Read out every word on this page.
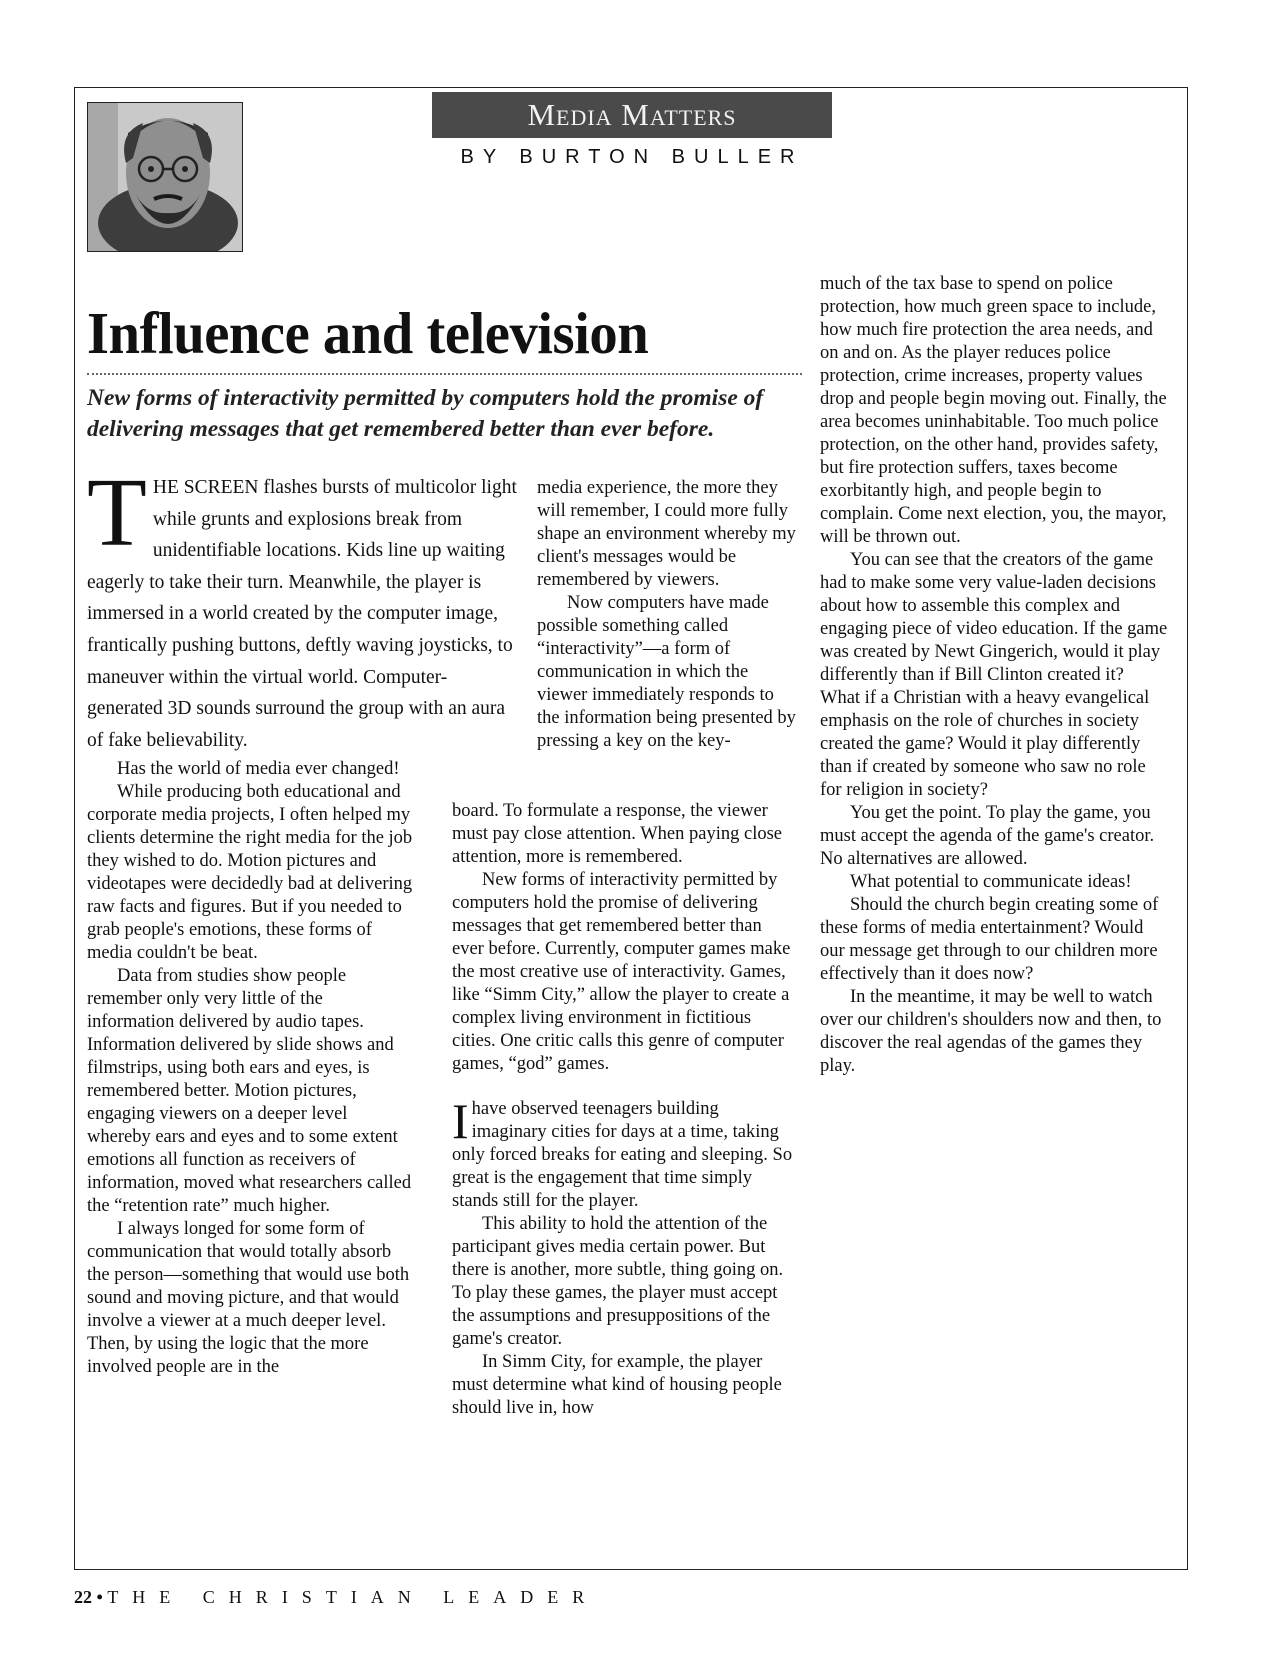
Media Matters
BY BURTON BULLER
Influence and television

New forms of interactivity permitted by computers hold the promise of delivering messages that get remembered better than ever before.

THE SCREEN flashes bursts of multicolor light while grunts and explosions break from unidentifiable locations. Kids line up waiting eagerly to take their turn. Meanwhile, the player is immersed in a world created by the computer image, frantically pushing buttons, deftly waving joysticks, to maneuver within the virtual world. Computer-generated 3D sounds surround the group with an aura of fake believability.

Has the world of media ever changed!

While producing both educational and corporate media projects, I often helped my clients determine the right media for the job they wished to do. Motion pictures and videotapes were decidedly bad at delivering raw facts and figures. But if you needed to grab people's emotions, these forms of media couldn't be beat.

Data from studies show people remember only very little of the information delivered by audio tapes. Information delivered by slide shows and filmstrips, using both ears and eyes, is remembered better. Motion pictures, engaging viewers on a deeper level whereby ears and eyes and to some extent emotions all function as receivers of information, moved what researchers called the “retention rate” much higher.

I always longed for some form of communication that would totally absorb the person—something that would use both sound and moving picture, and that would involve a viewer at a much deeper level. Then, by using the logic that the more involved people are in the

media experience, the more they will remember, I could more fully shape an environment whereby my client's messages would be remembered by viewers.

Now computers have made possible something called “interactivity”—a form of communication in which the viewer immediately responds to the information being presented by pressing a key on the key-

board. To formulate a response, the viewer must pay close attention. When paying close attention, more is remembered.

New forms of interactivity permitted by computers hold the promise of delivering messages that get remembered better than ever before. Currently, computer games make the most creative use of interactivity. Games, like “Simm City,” allow the player to create a complex living environment in fictitious cities. One critic calls this genre of computer games, “god” games.

I have observed teenagers building imaginary cities for days at a time, taking only forced breaks for eating and sleeping. So great is the engagement that time simply stands still for the player.

This ability to hold the attention of the participant gives media certain power. But there is another, more subtle, thing going on. To play these games, the player must accept the assumptions and presuppositions of the game's creator.

In Simm City, for example, the player must determine what kind of housing people should live in, how

much of the tax base to spend on police protection, how much green space to include, how much fire protection the area needs, and on and on. As the player reduces police protection, crime increases, property values drop and people begin moving out. Finally, the area becomes uninhabitable. Too much police protection, on the other hand, provides safety, but fire protection suffers, taxes become exorbitantly high, and people begin to complain. Come next election, you, the mayor, will be thrown out.

You can see that the creators of the game had to make some very value-laden decisions about how to assemble this complex and engaging piece of video education. If the game was created by Newt Gingerich, would it play differently than if Bill Clinton created it? What if a Christian with a heavy evangelical emphasis on the role of churches in society created the game? Would it play differently than if created by someone who saw no role for religion in society?

You get the point. To play the game, you must accept the agenda of the game's creator. No alternatives are allowed.

What potential to communicate ideas!

Should the church begin creating some of these forms of media entertainment? Would our message get through to our children more effectively than it does now?

In the meantime, it may be well to watch over our children's shoulders now and then, to discover the real agendas of the games they play.

22 • THE CHRISTIAN LEADER
